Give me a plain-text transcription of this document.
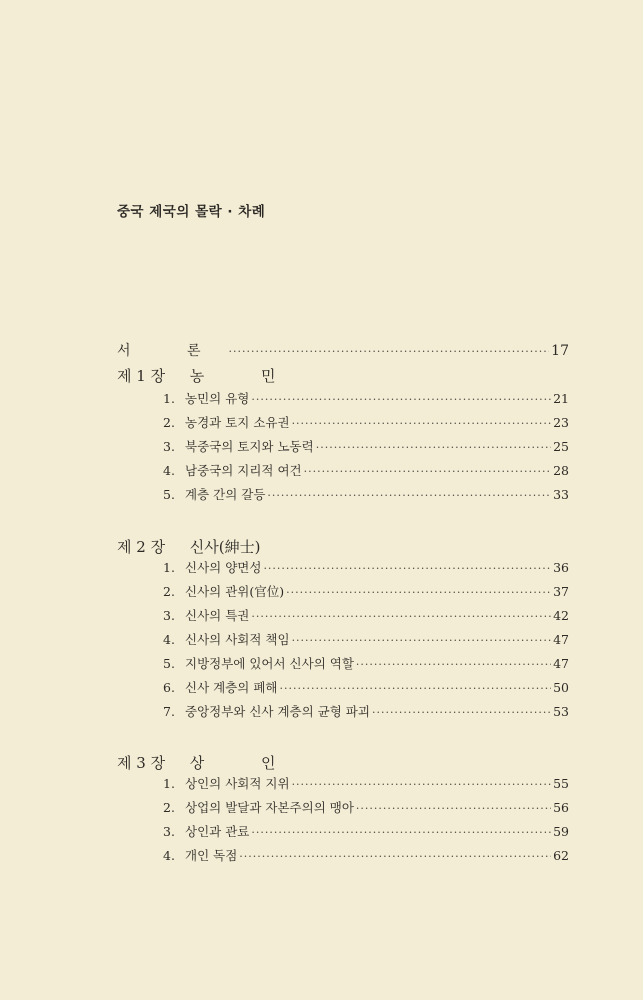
중국 제국의 몰락 · 차례
서 론 ·····	17
제 1 장 농 민
1. 농민의 유형 ·····	21
2. 농경과 토지 소유권 ·····	23
3. 북중국의 토지와 노동력 ·····	25
4. 남중국의 지리적 여건 ·····	28
5. 계층 간의 갈등 ·····	33
제 2 장 신사(紳士)
1. 신사의 양면성 ·····	36
2. 신사의 관위(官位) ·····	37
3. 신사의 특권 ·····	42
4. 신사의 사회적 책임 ·····	47
5. 지방정부에 있어서 신사의 역할 ·····	47
6. 신사 계층의 폐해 ·····	50
7. 중앙정부와 신사 계층의 균형 파괴 ·····	53
제 3 장 상 인
1. 상인의 사회적 지위 ·····	55
2. 상업의 발달과 자본주의의 맹아 ·····	56
3. 상인과 관료 ·····	59
4. 개인 독점 ·····	62
